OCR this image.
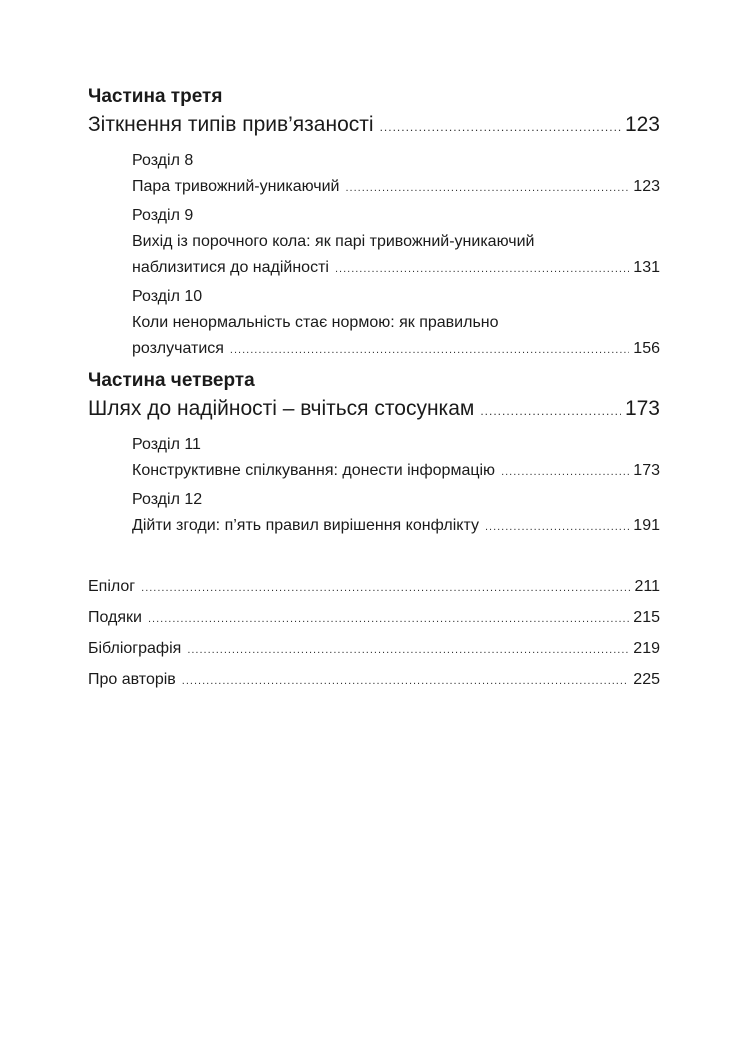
Частина третя
Зіткнення типів прив’язаності .....	123
Розділ 8
Пара тривожний-уникаючий .....	123
Розділ 9
Вихід із порочного кола: як парі тривожний-уникаючий
наблизитися до надійності .....	131
Розділ 10
Коли ненормальність стає нормою: як правильно
розлучатися .....	156
Частина четверта
Шлях до надійності – вчіться стосункам .....	173
Розділ 11
Конструктивне спілкування: донести інформацію .....	173
Розділ 12
Дійти згоди: п’ять правил вирішення конфлікту .....	191
Епілог .....	211
Подяки .....	215
Бібліографія .....	219
Про авторів .....	225
